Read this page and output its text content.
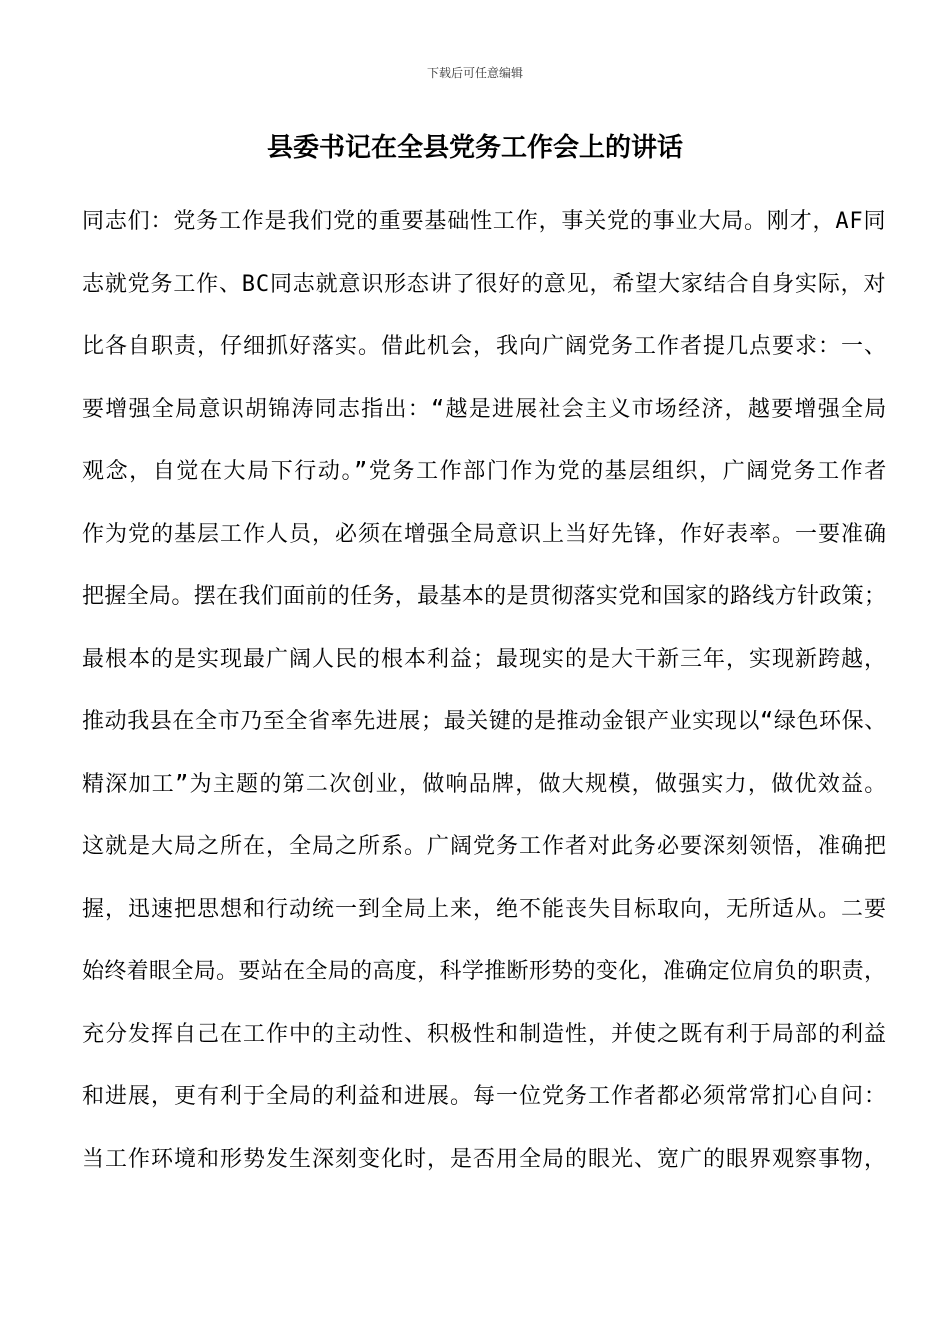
下载后可任意编辑
县委书记在全县党务工作会上的讲话
同志们：党务工作是我们党的重要基础性工作，事关党的事业大局。刚才，AF同
志就党务工作、BC同志就意识形态讲了很好的意见，希望大家结合自身实际，对
比各自职责，仔细抓好落实。借此机会，我向广阔党务工作者提几点要求：一、
要增强全局意识胡锦涛同志指出：“越是进展社会主义市场经济，越要增强全局
观念，自觉在大局下行动。”党务工作部门作为党的基层组织，广阔党务工作者
作为党的基层工作人员，必须在增强全局意识上当好先锋，作好表率。一要准确
把握全局。摆在我们面前的任务，最基本的是贯彻落实党和国家的路线方针政策；
最根本的是实现最广阔人民的根本利益；最现实的是大干新三年，实现新跨越，
推动我县在全市乃至全省率先进展；最关键的是推动金银产业实现以“绿色环保、
精深加工”为主题的第二次创业，做响品牌，做大规模，做强实力，做优效益。
这就是大局之所在，全局之所系。广阔党务工作者对此务必要深刻领悟，准确把
握，迅速把思想和行动统一到全局上来，绝不能丧失目标取向，无所适从。二要
始终着眼全局。要站在全局的高度，科学推断形势的变化，准确定位肩负的职责，
充分发挥自己在工作中的主动性、积极性和制造性，并使之既有利于局部的利益
和进展，更有利于全局的利益和进展。每一位党务工作者都必须常常扪心自问：
当工作环境和形势发生深刻变化时，是否用全局的眼光、宽广的眼界观察事物，
